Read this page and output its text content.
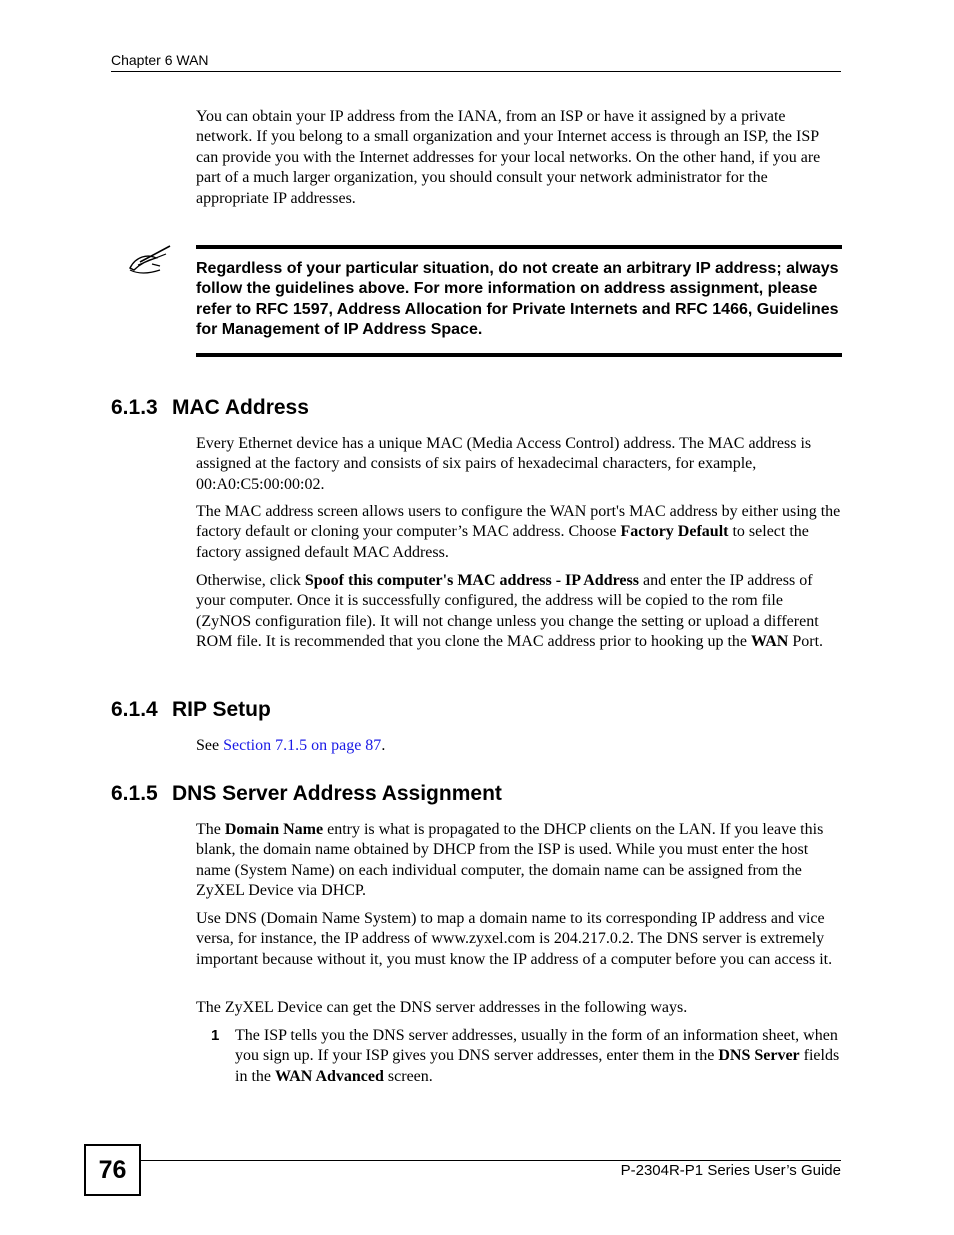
Chapter 6 WAN

You can obtain your IP address from the IANA, from an ISP or have it assigned by a private network. If you belong to a small organization and your Internet access is through an ISP, the ISP can provide you with the Internet addresses for your local networks. On the other hand, if you are part of a much larger organization, you should consult your network administrator for the appropriate IP addresses.

Regardless of your particular situation, do not create an arbitrary IP address; always follow the guidelines above. For more information on address assignment, please refer to RFC 1597, Address Allocation for Private Internets and RFC 1466, Guidelines for Management of IP Address Space.

6.1.3 MAC Address

Every Ethernet device has a unique MAC (Media Access Control) address. The MAC address is assigned at the factory and consists of six pairs of hexadecimal characters, for example, 00:A0:C5:00:00:02.

The MAC address screen allows users to configure the WAN port's MAC address by either using the factory default or cloning your computer’s MAC address. Choose Factory Default to select the factory assigned default MAC Address.

Otherwise, click Spoof this computer's MAC address - IP Address and enter the IP address of your computer. Once it is successfully configured, the address will be copied to the rom file (ZyNOS configuration file). It will not change unless you change the setting or upload a different ROM file. It is recommended that you clone the MAC address prior to hooking up the WAN Port.

6.1.4 RIP Setup

See Section 7.1.5 on page 87.

6.1.5 DNS Server Address Assignment

The Domain Name entry is what is propagated to the DHCP clients on the LAN. If you leave this blank, the domain name obtained by DHCP from the ISP is used. While you must enter the host name (System Name) on each individual computer, the domain name can be assigned from the ZyXEL Device via DHCP.

Use DNS (Domain Name System) to map a domain name to its corresponding IP address and vice versa, for instance, the IP address of www.zyxel.com is 204.217.0.2. The DNS server is extremely important because without it, you must know the IP address of a computer before you can access it.

The ZyXEL Device can get the DNS server addresses in the following ways.

1 The ISP tells you the DNS server addresses, usually in the form of an information sheet, when you sign up. If your ISP gives you DNS server addresses, enter them in the DNS Server fields in the WAN Advanced screen.

76	P-2304R-P1 Series User’s Guide
